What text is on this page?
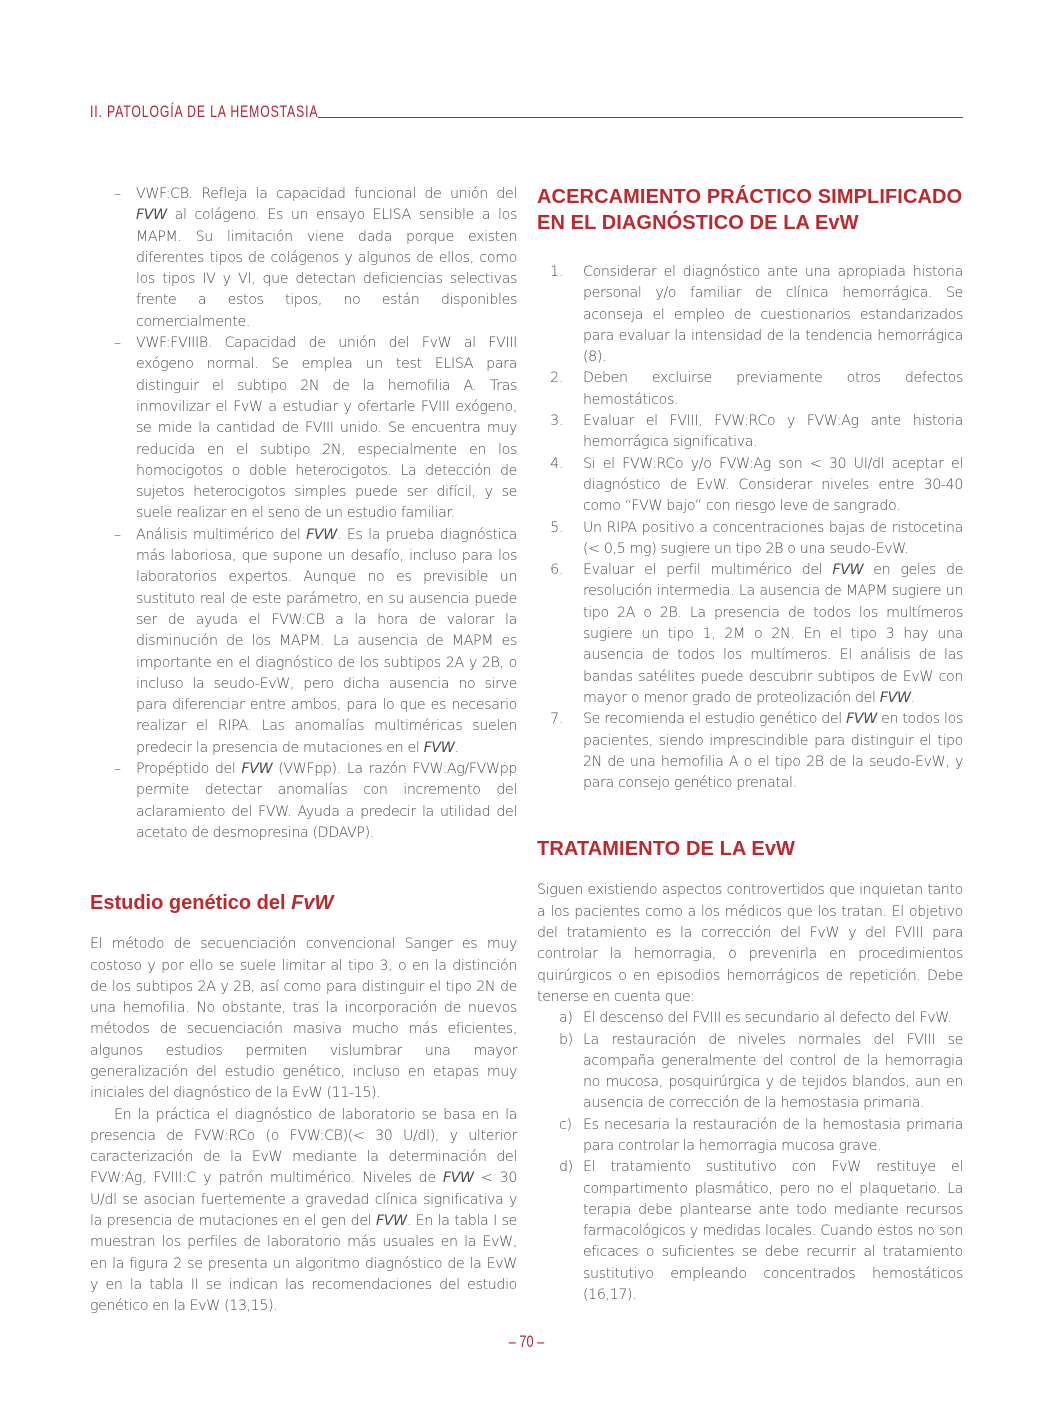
II. PATOLOGÍA DE LA HEMOSTASIA
– VWF:CB. Refleja la capacidad funcional de unión del FVW al colágeno. Es un ensayo ELISA sensible a los MAPM. Su limitación viene dada porque existen diferentes tipos de colágenos y algunos de ellos, como los tipos IV y VI, que detectan deficiencias selectivas frente a estos tipos, no están disponibles comercialmente.
– VWF:FVIIIB. Capacidad de unión del FvW al FVIII exógeno normal. Se emplea un test ELISA para distinguir el subtipo 2N de la hemofilia A. Tras inmovilizar el FvW a estudiar y ofertarle FVIII exógeno, se mide la cantidad de FVIII unido. Se encuentra muy reducida en el subtipo 2N, especialmente en los homocigotos o doble heterocigotos. La detección de sujetos heterocigotos simples puede ser difícil, y se suele realizar en el seno de un estudio familiar.
– Análisis multimérico del FVW. Es la prueba diagnóstica más laboriosa, que supone un desafío, incluso para los laboratorios expertos. Aunque no es previsible un sustituto real de este parámetro, en su ausencia puede ser de ayuda el FVW:CB a la hora de valorar la disminución de los MAPM. La ausencia de MAPM es importante en el diagnóstico de los subtipos 2A y 2B, o incluso la seudo-EvW, pero dicha ausencia no sirve para diferenciar entre ambos, para lo que es necesario realizar el RIPA. Las anomalías multiméricas suelen predecir la presencia de mutaciones en el FVW.
– Propéptido del FVW (VWFpp). La razón FVW:Ag/FVWpp permite detectar anomalías con incremento del aclaramiento del FVW. Ayuda a predecir la utilidad del acetato de desmopresina (DDAVP).
Estudio genético del FvW

El método de secuenciación convencional Sanger es muy costoso y por ello se suele limitar al tipo 3, o en la distinción de los subtipos 2A y 2B, así como para distinguir el tipo 2N de una hemofilia. No obstante, tras la incorporación de nuevos métodos de secuenciación masiva mucho más eficientes, algunos estudios permiten vislumbrar una mayor generalización del estudio genético, incluso en etapas muy iniciales del diagnóstico de la EvW (11-15).

En la práctica el diagnóstico de laboratorio se basa en la presencia de FVW:RCo (o FVW:CB)(< 30 U/dl), y ulterior caracterización de la EvW mediante la determinación del FVW:Ag, FVIII:C y patrón multimérico. Niveles de FVW < 30 U/dl se asocian fuertemente a gravedad clínica significativa y la presencia de mutaciones en el gen del FVW. En la tabla I se muestran los perfiles de laboratorio más usuales en la EvW, en la figura 2 se presenta un algoritmo diagnóstico de la EvW y en la tabla II se indican las recomendaciones del estudio genético en la EvW (13,15).

ACERCAMIENTO PRÁCTICO SIMPLIFICADO
EN EL DIAGNÓSTICO DE LA EvW
1. Considerar el diagnóstico ante una apropiada historia personal y/o familiar de clínica hemorrágica. Se aconseja el empleo de cuestionarios estandarizados para evaluar la intensidad de la tendencia hemorrágica (8).
2. Deben excluirse previamente otros defectos hemostáticos.
3. Evaluar el FVIII, FVW:RCo y FVW:Ag ante historia hemorrágica significativa.
4. Si el FVW:RCo y/o FVW:Ag son < 30 UI/dl aceptar el diagnóstico de EvW. Considerar niveles entre 30-40 como “FVW bajo” con riesgo leve de sangrado.
5. Un RIPA positivo a concentraciones bajas de ristocetina (< 0,5 mg) sugiere un tipo 2B o una seudo-EvW.
6. Evaluar el perfil multimérico del FVW en geles de resolución intermedia. La ausencia de MAPM sugiere un tipo 2A o 2B. La presencia de todos los multímeros sugiere un tipo 1, 2M o 2N. En el tipo 3 hay una ausencia de todos los multímeros. El análisis de las bandas satélites puede descubrir subtipos de EvW con mayor o menor grado de proteolización del FVW.
7. Se recomienda el estudio genético del FVW en todos los pacientes, siendo imprescindible para distinguir el tipo 2N de una hemofilia A o el tipo 2B de la seudo-EvW, y para consejo genético prenatal.
TRATAMIENTO DE LA EvW

Siguen existiendo aspectos controvertidos que inquietan tanto a los pacientes como a los médicos que los tratan. El objetivo del tratamiento es la corrección del FvW y del FVIII para controlar la hemorragia, o prevenirla en procedimientos quirúrgicos o en episodios hemorrágicos de repetición. Debe tenerse en cuenta que:

a) El descenso del FVIII es secundario al defecto del FvW.
b) La restauración de niveles normales del FVIII se acompaña generalmente del control de la hemorragia no mucosa, posquirúrgica y de tejidos blandos, aun en ausencia de corrección de la hemostasia primaria.
c) Es necesaria la restauración de la hemostasia primaria para controlar la hemorragia mucosa grave.
d) El tratamiento sustitutivo con FvW restituye el compartimento plasmático, pero no el plaquetario. La terapia debe plantearse ante todo mediante recursos farmacológicos y medidas locales. Cuando estos no son eficaces o suficientes se debe recurrir al tratamiento sustitutivo empleando concentrados hemostáticos (16,17).
– 70 –
